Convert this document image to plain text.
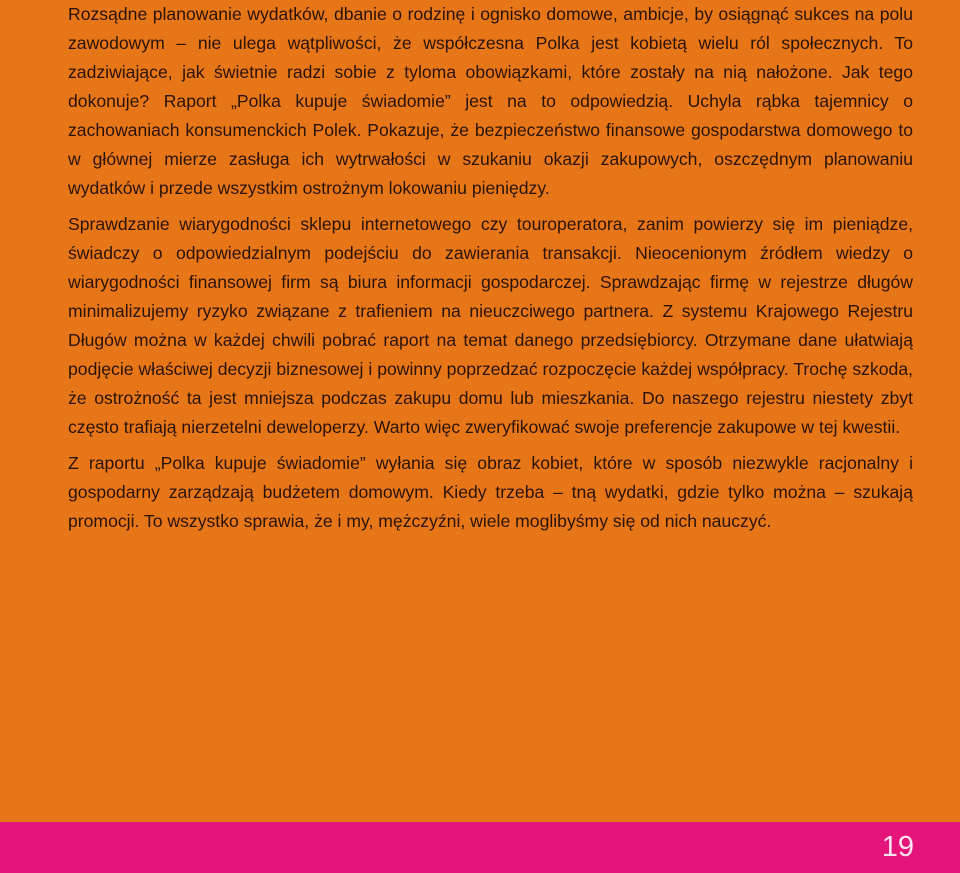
Rozsądne planowanie wydatków, dbanie o rodzinę i ognisko domowe, ambicje, by osiągnąć sukces na polu zawodowym – nie ulega wątpliwości, że współczesna Polka jest kobietą wielu ról społecznych. To zadziwiające, jak świetnie radzi sobie z tyloma obowiązkami, które zostały na nią nałożone. Jak tego dokonuje? Raport „Polka kupuje świadomie” jest na to odpowiedzią. Uchyla rąbka tajemnicy o zachowaniach konsumenckich Polek. Pokazuje, że bezpieczeństwo finansowe gospodarstwa domowego to w głównej mierze zasługa ich wytrwałości w szukaniu okazji zakupowych, oszczędnym planowaniu wydatków i przede wszystkim ostrożnym lokowaniu pieniędzy.

Sprawdzanie wiarygodności sklepu internetowego czy touroperatora, zanim powierzy się im pieniądze, świadczy o odpowiedzialnym podejściu do zawierania transakcji. Nieocenionym źródłem wiedzy o wiarygodności finansowej firm są biura informacji gospodarczej. Sprawdzając firmę w rejestrze długów minimalizujemy ryzyko związane z trafieniem na nieuczciwego partnera. Z systemu Krajowego Rejestru Długów można w każdej chwili pobrać raport na temat danego przedsiębiorcy. Otrzymane dane ułatwiają podjęcie właściwej decyzji biznesowej i powinny poprzedzać rozpoczęcie każdej współpracy. Trochę szkoda, że ostrożność ta jest mniejsza podczas zakupu domu lub mieszkania. Do naszego rejestru niestety zbyt często trafiają nierzetelni deweloperzy. Warto więc zweryfikować swoje preferencje zakupowe w tej kwestii.

Z raportu „Polka kupuje świadomie” wyłania się obraz kobiet, które w sposób niezwykle racjonalny i gospodarny zarządzają budżetem domowym. Kiedy trzeba – tną wydatki, gdzie tylko można – szukają promocji. To wszystko sprawia, że i my, mężczyźni, wiele moglibyśmy się od nich nauczyć.

19
